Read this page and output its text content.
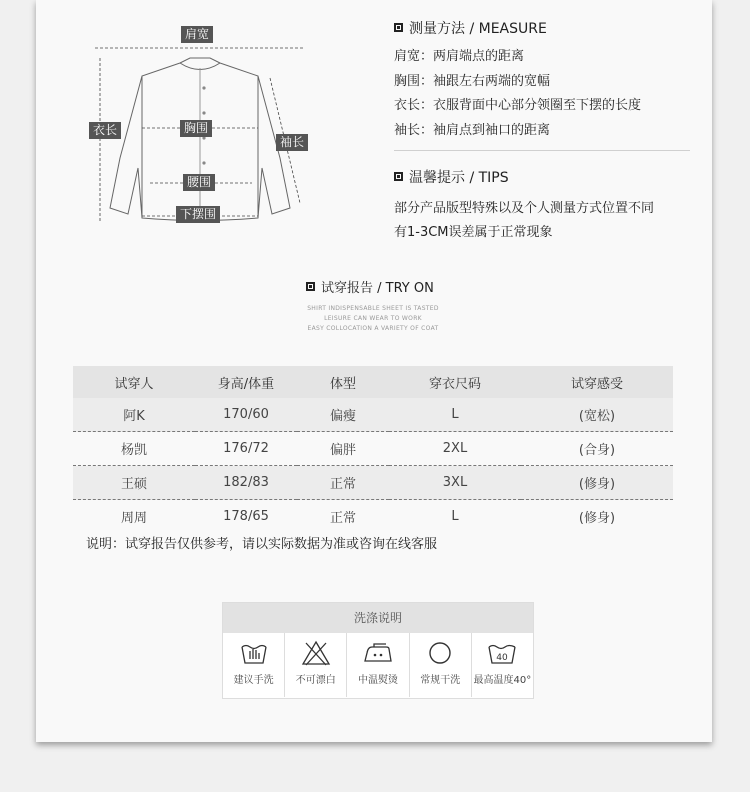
肩宽
衣长	胸围
袖长
腰围
下摆围
测量方法 / MEASURE
肩宽：两肩端点的距离
胸围：袖跟左右两端的宽幅
衣长：衣服背面中心部分领圈至下摆的长度
袖长：袖肩点到袖口的距离
温馨提示 / TIPS
部分产品版型特殊以及个人测量方式位置不同
有1-3CM误差属于正常现象
试穿报告 / TRY ON
SHIRT INDISPENSABLE SHEET IS TASTED
LEISURE CAN WEAR TO WORK
EASY COLLOCATION A VARIETY OF COAT
试穿人	身高/体重	体型	穿衣尺码	试穿感受
阿K	170/60	偏瘦	L	(宽松)
杨凯	176/72	偏胖	2XL	(合身)
王硕	182/83	正常	3XL	(修身)
周周	178/65	正常	L	(修身)
说明：试穿报告仅供参考，请以实际数据为准或咨询在线客服
洗涤说明
建议手洗 不可漂白 中温熨烫 常规干洗
40
最高温度40°
